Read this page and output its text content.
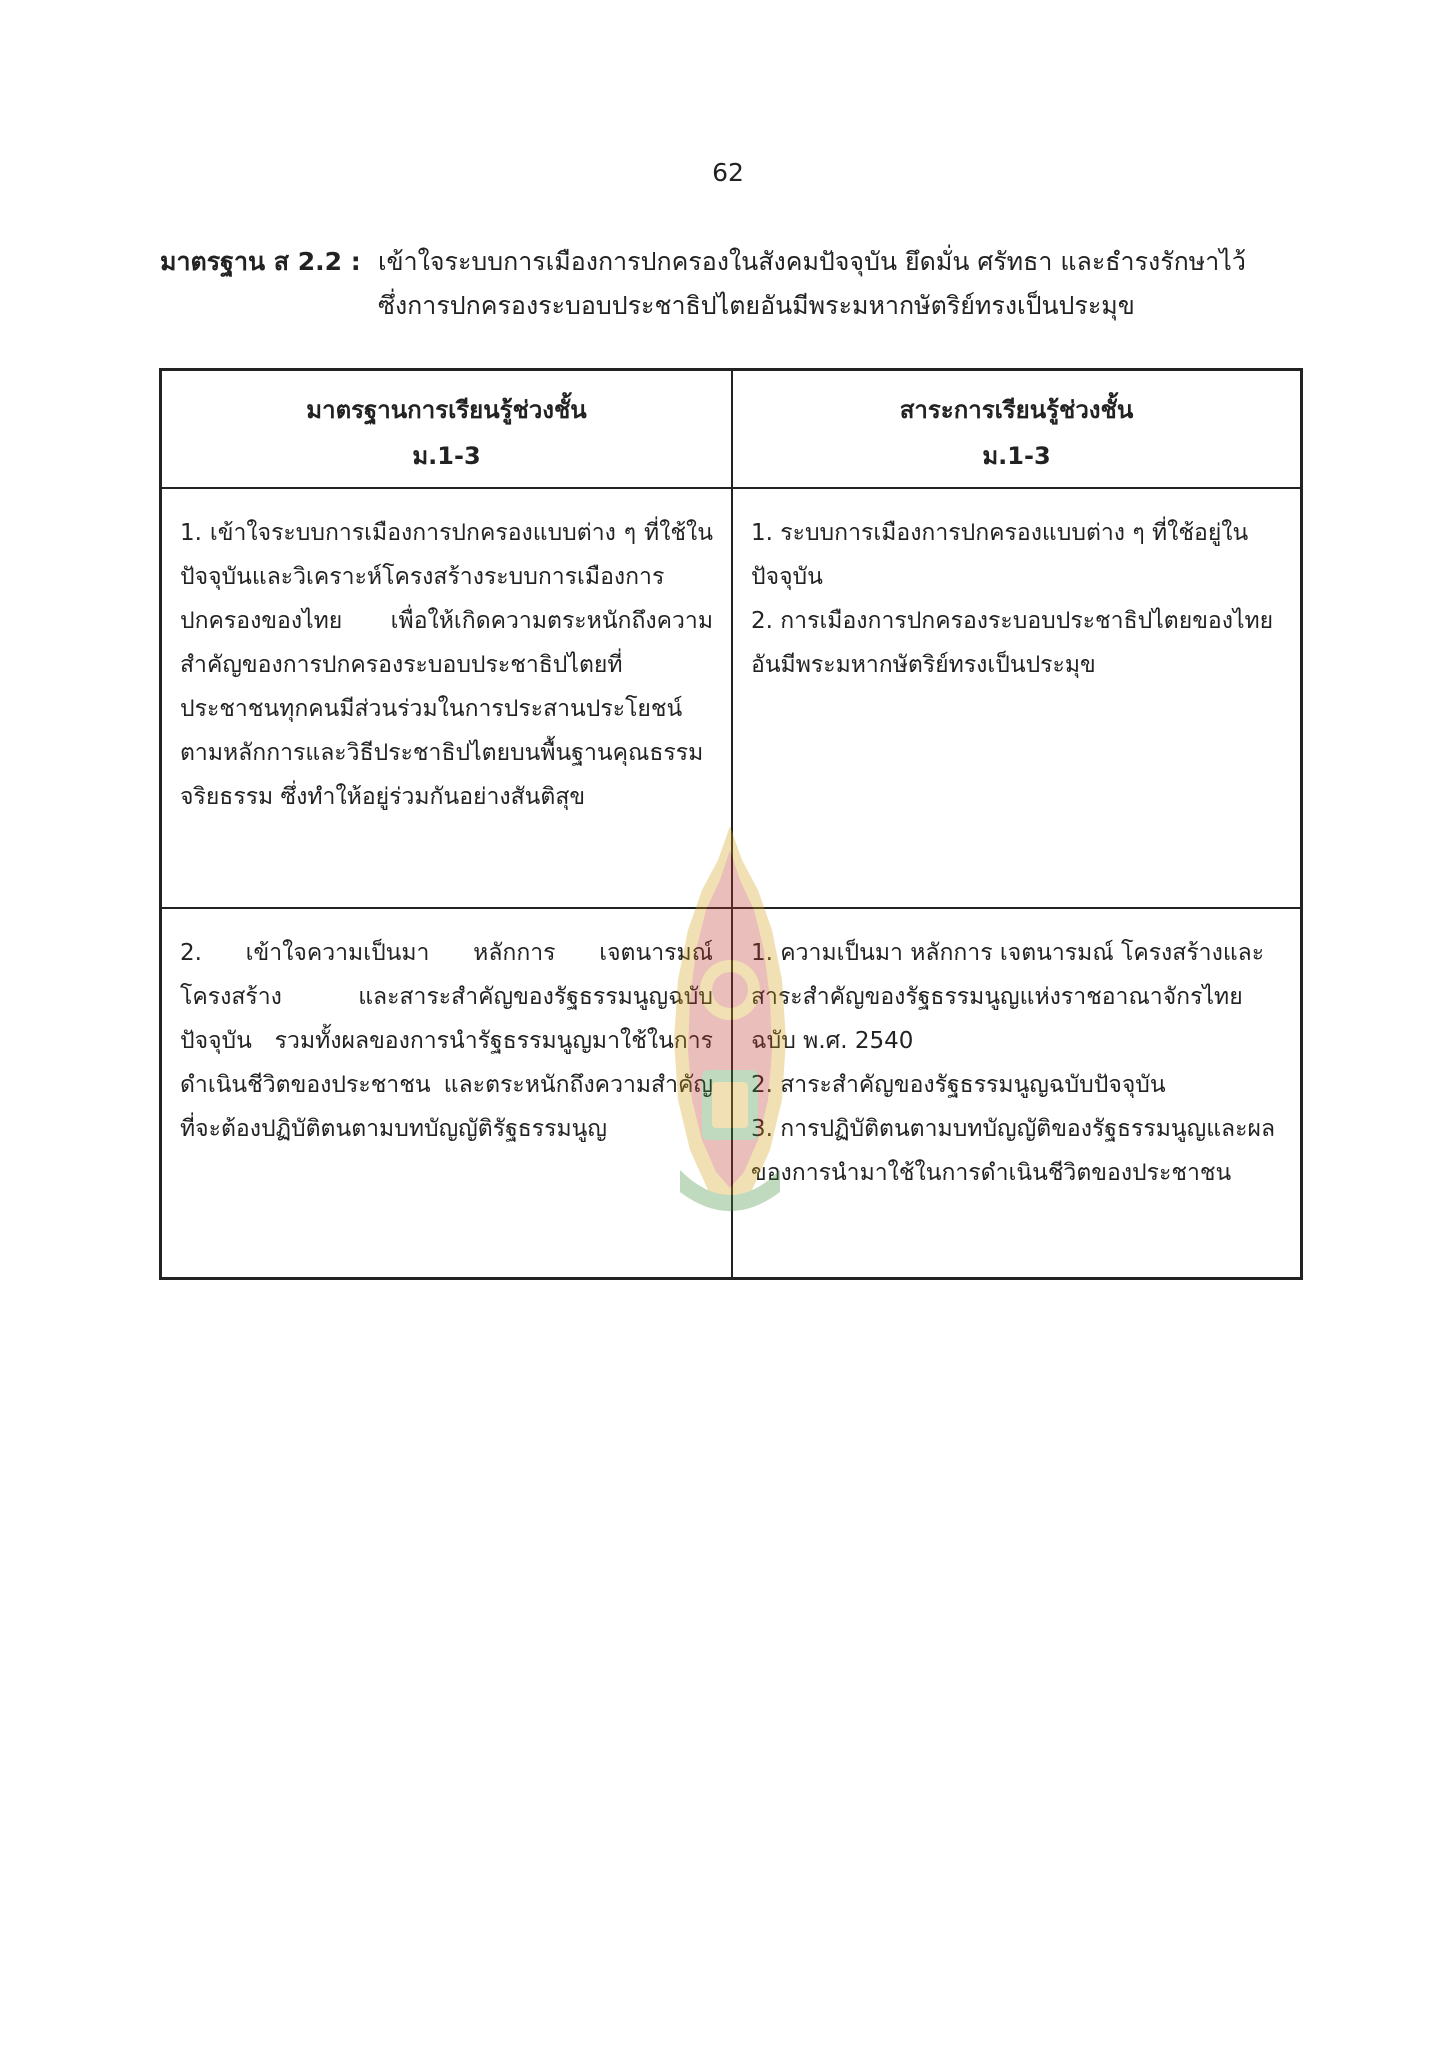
62
มาตรฐาน ส 2.2 : เข้าใจระบบการเมืองการปกครองในสังคมปัจจุบัน ยึดมั่น ศรัทธา และธำรงรักษาไว้
ซึ่งการปกครองระบอบประชาธิปไตยอันมีพระมหากษัตริย์ทรงเป็นประมุข
มาตรฐานการเรียนรู้ช่วงชั้น
ม.1-3
สาระการเรียนรู้ช่วงชั้น
ม.1-3
1. เข้าใจระบบการเมืองการปกครองแบบต่าง ๆ ที่ใช้ในปัจจุบันและวิเคราะห์โครงสร้างระบบการเมืองการปกครองของไทย เพื่อให้เกิดความตระหนักถึงความสำคัญของการปกครองระบอบประชาธิปไตยที่ประชาชนทุกคนมีส่วนร่วมในการประสานประโยชน์ตามหลักการและวิธีประชาธิปไตยบนพื้นฐานคุณธรรม จริยธรรม ซึ่งทำให้อยู่ร่วมกันอย่างสันติสุข
1. ระบบการเมืองการปกครองแบบต่าง ๆ ที่ใช้อยู่ในปัจจุบัน
2. การเมืองการปกครองระบอบประชาธิปไตยของไทยอันมีพระมหากษัตริย์ทรงเป็นประมุข
2. เข้าใจความเป็นมา หลักการ เจตนารมณ์ โครงสร้าง และสาระสำคัญของรัฐธรรมนูญฉบับปัจจุบัน รวมทั้งผลของการนำรัฐธรรมนูญมาใช้ในการดำเนินชีวิตของประชาชน และตระหนักถึงความสำคัญที่จะต้องปฏิบัติตนตามบทบัญญัติรัฐธรรมนูญ
1. ความเป็นมา หลักการ เจตนารมณ์ โครงสร้างและสาระสำคัญของรัฐธรรมนูญแห่งราชอาณาจักรไทย ฉบับ พ.ศ. 2540
2. สาระสำคัญของรัฐธรรมนูญฉบับปัจจุบัน
3. การปฏิบัติตนตามบทบัญญัติของรัฐธรรมนูญและผลของการนำมาใช้ในการดำเนินชีวิตของประชาชน
